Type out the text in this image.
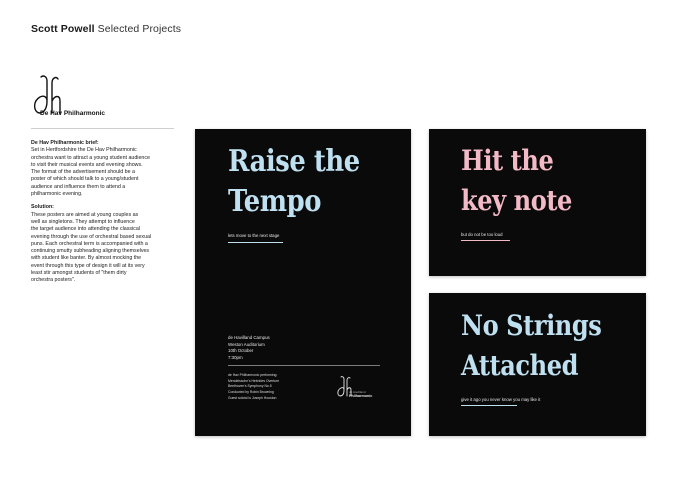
Scott Powell Selected Projects
De Hav Philharmonic

De Hav Philharmonic brief:

Set in Hertfordshire the De Hav Philharmonic
orchestra want to attract a young student audience
to visit their musical events and evening shows.
The format of the advertisement should be a
poster of which should talk to a young/student
audience and influence them to attend a
philharmonic evening.

Solution:

These posters are aimed at young couples as
well as singletons. They attempt to influence
the target audience into attending the classical
evening through the use of orchestral based sexual
puns. Each orchestral term is accompanied with a
continuing smutty subheading aligning themselves
with student like banter. By almost mocking the
event through this type of design it will at its very
least stir amongst students of "them dirty
orchestra posters".

Raise the
Tempo
lets move to the next stage
de Havilland Campus
Weston Auditorium
10th October
7:30pm
de Hav Philharmonic performing:
Mendelssohn's Hebrides Overture
Beethoven's Symphony No.5
Conducted by Robin Browning
Guest soloist is Joseph Houston
de Havilland
Philharmonic
Hit the
key note
but do not be too loud
No Strings
Attached
give it ago you never know you may like it
